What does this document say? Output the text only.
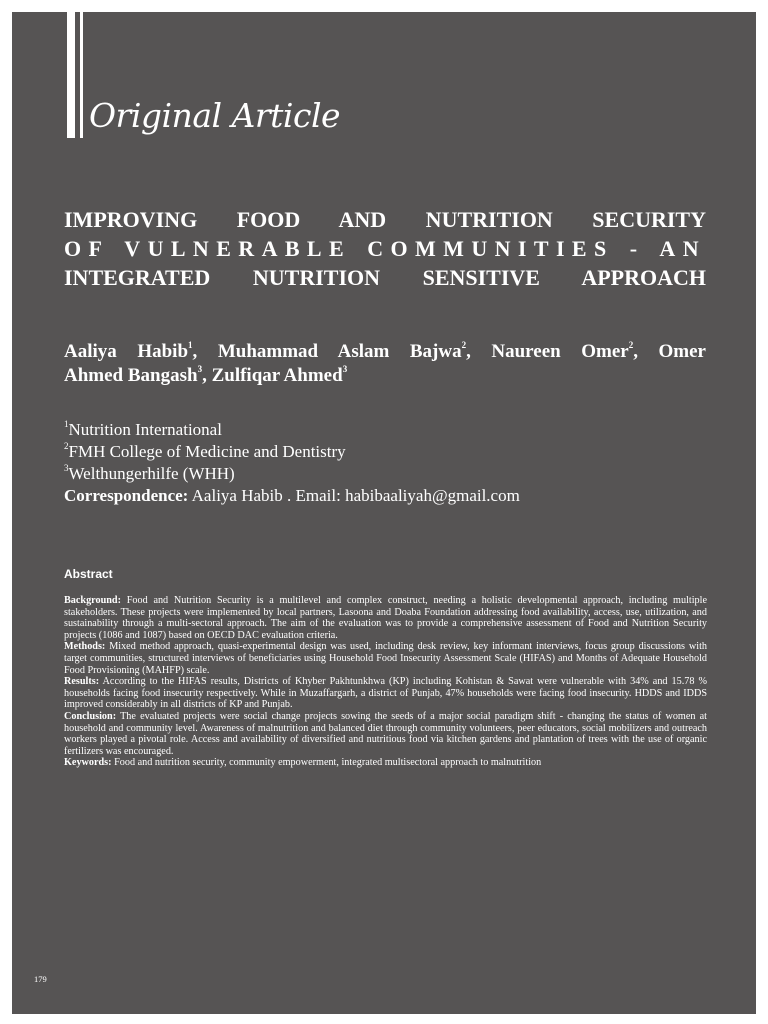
Original Article
IMPROVING FOOD AND NUTRITION SECURITY
OF VULNERABLE COMMUNITIES - AN
INTEGRATED NUTRITION SENSITIVE APPROACH
Aaliya Habib$^1$, Muhammad Aslam Bajwa$^2$, Naureen Omer$^2$, Omer
Ahmed Bangash$^3$, Zulfiqar Ahmed$^3$
$^1$Nutrition International
$^2$FMH College of Medicine and Dentistry
$^3$Welthungerhilfe (WHH)
Correspondence: Aaliya Habib . Email: habibaaliyah@gmail.com
Abstract

Background: Food and Nutrition Security is a multilevel and complex construct, needing a holistic developmental approach, including multiple stakeholders. These projects were implemented by local partners, Lasoona and Doaba Foundation addressing food availability, access, use, utilization, and sustainability through a multi-sectoral approach. The aim of the evaluation was to provide a comprehensive assessment of Food and Nutrition Security projects (1086 and 1087) based on OECD DAC evaluation criteria.

Methods: Mixed method approach, quasi-experimental design was used, including desk review, key informant interviews, focus group discussions with target communities, structured interviews of beneficiaries using Household Food Insecurity Assessment Scale (HIFAS) and Months of Adequate Household Food Provisioning (MAHFP) scale.

Results: According to the HIFAS results, Districts of Khyber Pakhtunkhwa (KP) including Kohistan & Sawat were vulnerable with 34% and 15.78 % households facing food insecurity respectively. While in Muzaffargarh, a district of Punjab, 47% households were facing food insecurity. HDDS and IDDS improved considerably in all districts of KP and Punjab.

Conclusion: The evaluated projects were social change projects sowing the seeds of a major social paradigm shift - changing the status of women at household and community level. Awareness of malnutrition and balanced diet through community volunteers, peer educators, social mobilizers and outreach workers played a pivotal role. Access and availability of diversified and nutritious food via kitchen gardens and plantation of trees with the use of organic fertilizers was encouraged.

Keywords: Food and nutrition security, community empowerment, integrated multisectoral approach to malnutrition

179
